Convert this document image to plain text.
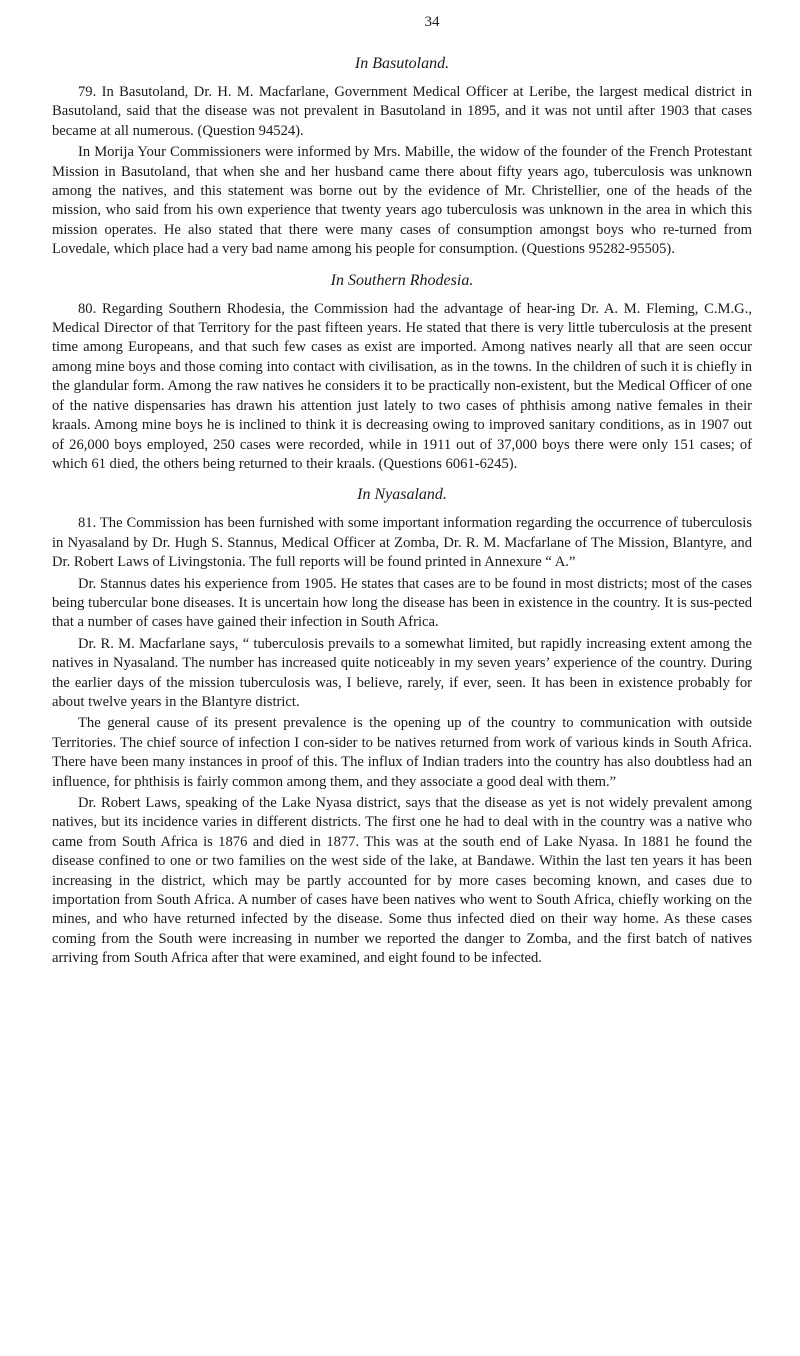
34
In Basutoland.

79. In Basutoland, Dr. H. M. Macfarlane, Government Medical Officer at Leribe, the largest medical district in Basutoland, said that the disease was not prevalent in Basutoland in 1895, and it was not until after 1903 that cases became at all numerous. (Question 94524).

In Morija Your Commissioners were informed by Mrs. Mabille, the widow of the founder of the French Protestant Mission in Basutoland, that when she and her husband came there about fifty years ago, tuberculosis was unknown among the natives, and this statement was borne out by the evidence of Mr. Christellier, one of the heads of the mission, who said from his own experience that twenty years ago tuberculosis was unknown in the area in which this mission operates. He also stated that there were many cases of consumption amongst boys who re-turned from Lovedale, which place had a very bad name among his people for consumption. (Questions 95282-95505).

In Southern Rhodesia.

80. Regarding Southern Rhodesia, the Commission had the advantage of hear-ing Dr. A. M. Fleming, C.M.G., Medical Director of that Territory for the past fifteen years. He stated that there is very little tuberculosis at the present time among Europeans, and that such few cases as exist are imported. Among natives nearly all that are seen occur among mine boys and those coming into contact with civilisation, as in the towns. In the children of such it is chiefly in the glandular form. Among the raw natives he considers it to be practically non-existent, but the Medical Officer of one of the native dispensaries has drawn his attention just lately to two cases of phthisis among native females in their kraals. Among mine boys he is inclined to think it is decreasing owing to improved sanitary conditions, as in 1907 out of 26,000 boys employed, 250 cases were recorded, while in 1911 out of 37,000 boys there were only 151 cases; of which 61 died, the others being returned to their kraals. (Questions 6061-6245).

In Nyasaland.

81. The Commission has been furnished with some important information regarding the occurrence of tuberculosis in Nyasaland by Dr. Hugh S. Stannus, Medical Officer at Zomba, Dr. R. M. Macfarlane of The Mission, Blantyre, and Dr. Robert Laws of Livingstonia. The full reports will be found printed in Annexure “ A.”

Dr. Stannus dates his experience from 1905. He states that cases are to be found in most districts; most of the cases being tubercular bone diseases. It is uncertain how long the disease has been in existence in the country. It is sus-pected that a number of cases have gained their infection in South Africa.

Dr. R. M. Macfarlane says, “ tuberculosis prevails to a somewhat limited, but rapidly increasing extent among the natives in Nyasaland. The number has increased quite noticeably in my seven years’ experience of the country. During the earlier days of the mission tuberculosis was, I believe, rarely, if ever, seen. It has been in existence probably for about twelve years in the Blantyre district.

The general cause of its present prevalence is the opening up of the country to communication with outside Territories. The chief source of infection I con-sider to be natives returned from work of various kinds in South Africa. There have been many instances in proof of this. The influx of Indian traders into the country has also doubtless had an influence, for phthisis is fairly common among them, and they associate a good deal with them.”

Dr. Robert Laws, speaking of the Lake Nyasa district, says that the disease as yet is not widely prevalent among natives, but its incidence varies in different districts. The first one he had to deal with in the country was a native who came from South Africa is 1876 and died in 1877. This was at the south end of Lake Nyasa. In 1881 he found the disease confined to one or two families on the west side of the lake, at Bandawe. Within the last ten years it has been increasing in the district, which may be partly accounted for by more cases becoming known, and cases due to importation from South Africa. A number of cases have been natives who went to South Africa, chiefly working on the mines, and who have returned infected by the disease. Some thus infected died on their way home. As these cases coming from the South were increasing in number we reported the danger to Zomba, and the first batch of natives arriving from South Africa after that were examined, and eight found to be infected.
